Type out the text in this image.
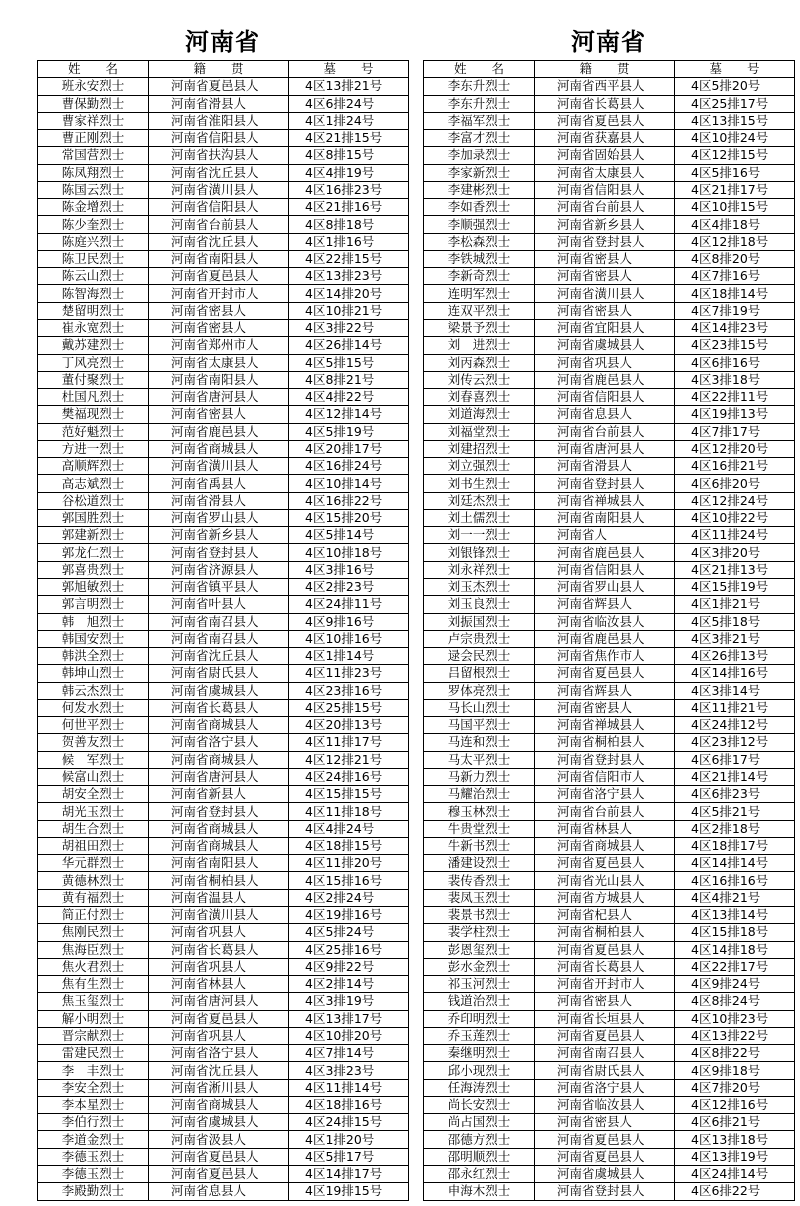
河南省
姓　　名	籍　　贯	墓　　号
班永安烈士	河南省夏邑县人	4区13排21号
曹保勤烈士	河南省滑县人	4区6排24号
曹家祥烈士	河南省淮阳县人	4区1排24号
曹正刚烈士	河南省信阳县人	4区21排15号
常国营烈士	河南省扶沟县人	4区8排15号
陈凤翔烈士	河南省沈丘县人	4区4排19号
陈国云烈士	河南省潢川县人	4区16排23号
陈金增烈士	河南省信阳县人	4区21排16号
陈少奎烈士	河南省台前县人	4区8排18号
陈庭兴烈士	河南省沈丘县人	4区1排16号
陈卫民烈士	河南省南阳县人	4区22排15号
陈云山烈士	河南省夏邑县人	4区13排23号
陈智海烈士	河南省开封市人	4区14排20号
楚留明烈士	河南省密县人	4区10排21号
崔永宽烈士	河南省密县人	4区3排22号
戴苏建烈士	河南省郑州市人	4区26排14号
丁风亮烈士	河南省太康县人	4区5排15号
董付聚烈士	河南省南阳县人	4区8排21号
杜国凡烈士	河南省唐河县人	4区4排22号
樊福现烈士	河南省密县人	4区12排14号
范好魁烈士	河南省鹿邑县人	4区5排19号
方进一烈士	河南省商城县人	4区20排17号
高顺辉烈士	河南省潢川县人	4区16排24号
高志斌烈士	河南省禹县人	4区10排14号
谷松道烈士	河南省滑县人	4区16排22号
郭国胜烈士	河南省罗山县人	4区15排20号
郭建新烈士	河南省新乡县人	4区5排14号
郭龙仁烈士	河南省登封县人	4区10排18号
郭喜贵烈士	河南省济源县人	4区3排16号
郭旭敏烈士	河南省镇平县人	4区2排23号
郭言明烈士	河南省叶县人	4区24排11号
韩　旭烈士	河南省南召县人	4区9排16号
韩国安烈士	河南省南召县人	4区10排16号
韩洪全烈士	河南省沈丘县人	4区1排14号
韩坤山烈士	河南省尉氏县人	4区11排23号
韩云杰烈士	河南省虞城县人	4区23排16号
何发水烈士	河南省长葛县人	4区25排15号
何世平烈士	河南省商城县人	4区20排13号
贺善友烈士	河南省洛宁县人	4区11排17号
候　军烈士	河南省商城县人	4区12排21号
候富山烈士	河南省唐河县人	4区24排16号
胡安全烈士	河南省新县人	4区15排15号
胡光玉烈士	河南省登封县人	4区11排18号
胡生合烈士	河南省商城县人	4区4排24号
胡祖田烈士	河南省商城县人	4区18排15号
华元群烈士	河南省南阳县人	4区11排20号
黄德林烈士	河南省桐柏县人	4区15排16号
黄有福烈士	河南省温县人	4区2排24号
简正付烈士	河南省潢川县人	4区19排16号
焦刚民烈士	河南省巩县人	4区5排24号
焦海臣烈士	河南省长葛县人	4区25排16号
焦火君烈士	河南省巩县人	4区9排22号
焦有生烈士	河南省林县人	4区2排14号
焦玉玺烈士	河南省唐河县人	4区3排19号
解小明烈士	河南省夏邑县人	4区13排17号
晋宗献烈士	河南省巩县人	4区10排20号
雷建民烈士	河南省洛宁县人	4区7排14号
李　丰烈士	河南省沈丘县人	4区3排23号
李安全烈士	河南省淅川县人	4区11排14号
李本星烈士	河南省商城县人	4区18排16号
李伯行烈士	河南省虞城县人	4区24排15号
李道金烈士	河南省汲县人	4区1排20号
李德玉烈士	河南省夏邑县人	4区5排17号
李德玉烈士	河南省夏邑县人	4区14排17号
李殿勤烈士	河南省息县人	4区19排15号
河南省
姓　　名	籍　　贯	墓　　号
李东升烈士	河南省西平县人	4区5排20号
李东升烈士	河南省长葛县人	4区25排17号
李福军烈士	河南省夏邑县人	4区13排15号
李富才烈士	河南省获嘉县人	4区10排24号
李加录烈士	河南省固始县人	4区12排15号
李家新烈士	河南省太康县人	4区5排16号
李建彬烈士	河南省信阳县人	4区21排17号
李如香烈士	河南省台前县人	4区10排15号
李顺强烈士	河南省新乡县人	4区4排18号
李松森烈士	河南省登封县人	4区12排18号
李铁城烈士	河南省密县人	4区8排20号
李新奇烈士	河南省密县人	4区7排16号
连明军烈士	河南省潢川县人	4区18排14号
连双平烈士	河南省密县人	4区7排19号
梁景予烈士	河南省宜阳县人	4区14排23号
刘　进烈士	河南省虞城县人	4区23排15号
刘丙森烈士	河南省巩县人	4区6排16号
刘传云烈士	河南省鹿邑县人	4区3排18号
刘春喜烈士	河南省信阳县人	4区22排11号
刘道海烈士	河南省息县人	4区19排13号
刘福堂烈士	河南省台前县人	4区7排17号
刘建招烈士	河南省唐河县人	4区12排20号
刘立强烈士	河南省滑县人	4区16排21号
刘书生烈士	河南省登封县人	4区6排20号
刘廷杰烈士	河南省禅城县人	4区12排24号
刘土儒烈士	河南省南阳县人	4区10排22号
刘一一烈士	河南省人	4区11排24号
刘银锋烈士	河南省鹿邑县人	4区3排20号
刘永祥烈士	河南省信阳县人	4区21排13号
刘玉杰烈士	河南省罗山县人	4区15排19号
刘玉良烈士	河南省辉县人	4区1排21号
刘振国烈士	河南省临汝县人	4区5排18号
卢宗贵烈士	河南省鹿邑县人	4区3排21号
逯会民烈士	河南省焦作市人	4区26排13号
吕留根烈士	河南省夏邑县人	4区14排16号
罗体亮烈士	河南省辉县人	4区3排14号
马长山烈士	河南省密县人	4区11排21号
马国平烈士	河南省禅城县人	4区24排12号
马连和烈士	河南省桐柏县人	4区23排12号
马太平烈士	河南省登封县人	4区6排17号
马新力烈士	河南省信阳市人	4区21排14号
马耀治烈士	河南省洛宁县人	4区6排23号
穆玉林烈士	河南省台前县人	4区5排21号
牛贵堂烈士	河南省林县人	4区2排18号
牛新书烈士	河南省商城县人	4区18排17号
潘建设烈士	河南省夏邑县人	4区14排14号
裴传香烈士	河南省光山县人	4区16排16号
裴凤玉烈士	河南省方城县人	4区4排21号
裴景书烈士	河南省杞县人	4区13排14号
裴学柱烈士	河南省桐柏县人	4区15排18号
彭恩玺烈士	河南省夏邑县人	4区14排18号
彭水金烈士	河南省长葛县人	4区22排17号
祁玉河烈士	河南省开封市人	4区9排24号
钱道治烈士	河南省密县人	4区8排24号
乔印明烈士	河南省长垣县人	4区10排23号
乔玉莲烈士	河南省夏邑县人	4区13排22号
秦继明烈士	河南省南召县人	4区8排22号
邱小现烈士	河南省尉氏县人	4区9排18号
任海涛烈士	河南省洛宁县人	4区7排20号
尚长安烈士	河南省临汝县人	4区12排16号
尚占国烈士	河南省密县人	4区6排21号
邵德方烈士	河南省夏邑县人	4区13排18号
邵明顺烈士	河南省夏邑县人	4区13排19号
邵永红烈士	河南省虞城县人	4区24排14号
申海木烈士	河南省登封县人	4区6排22号
